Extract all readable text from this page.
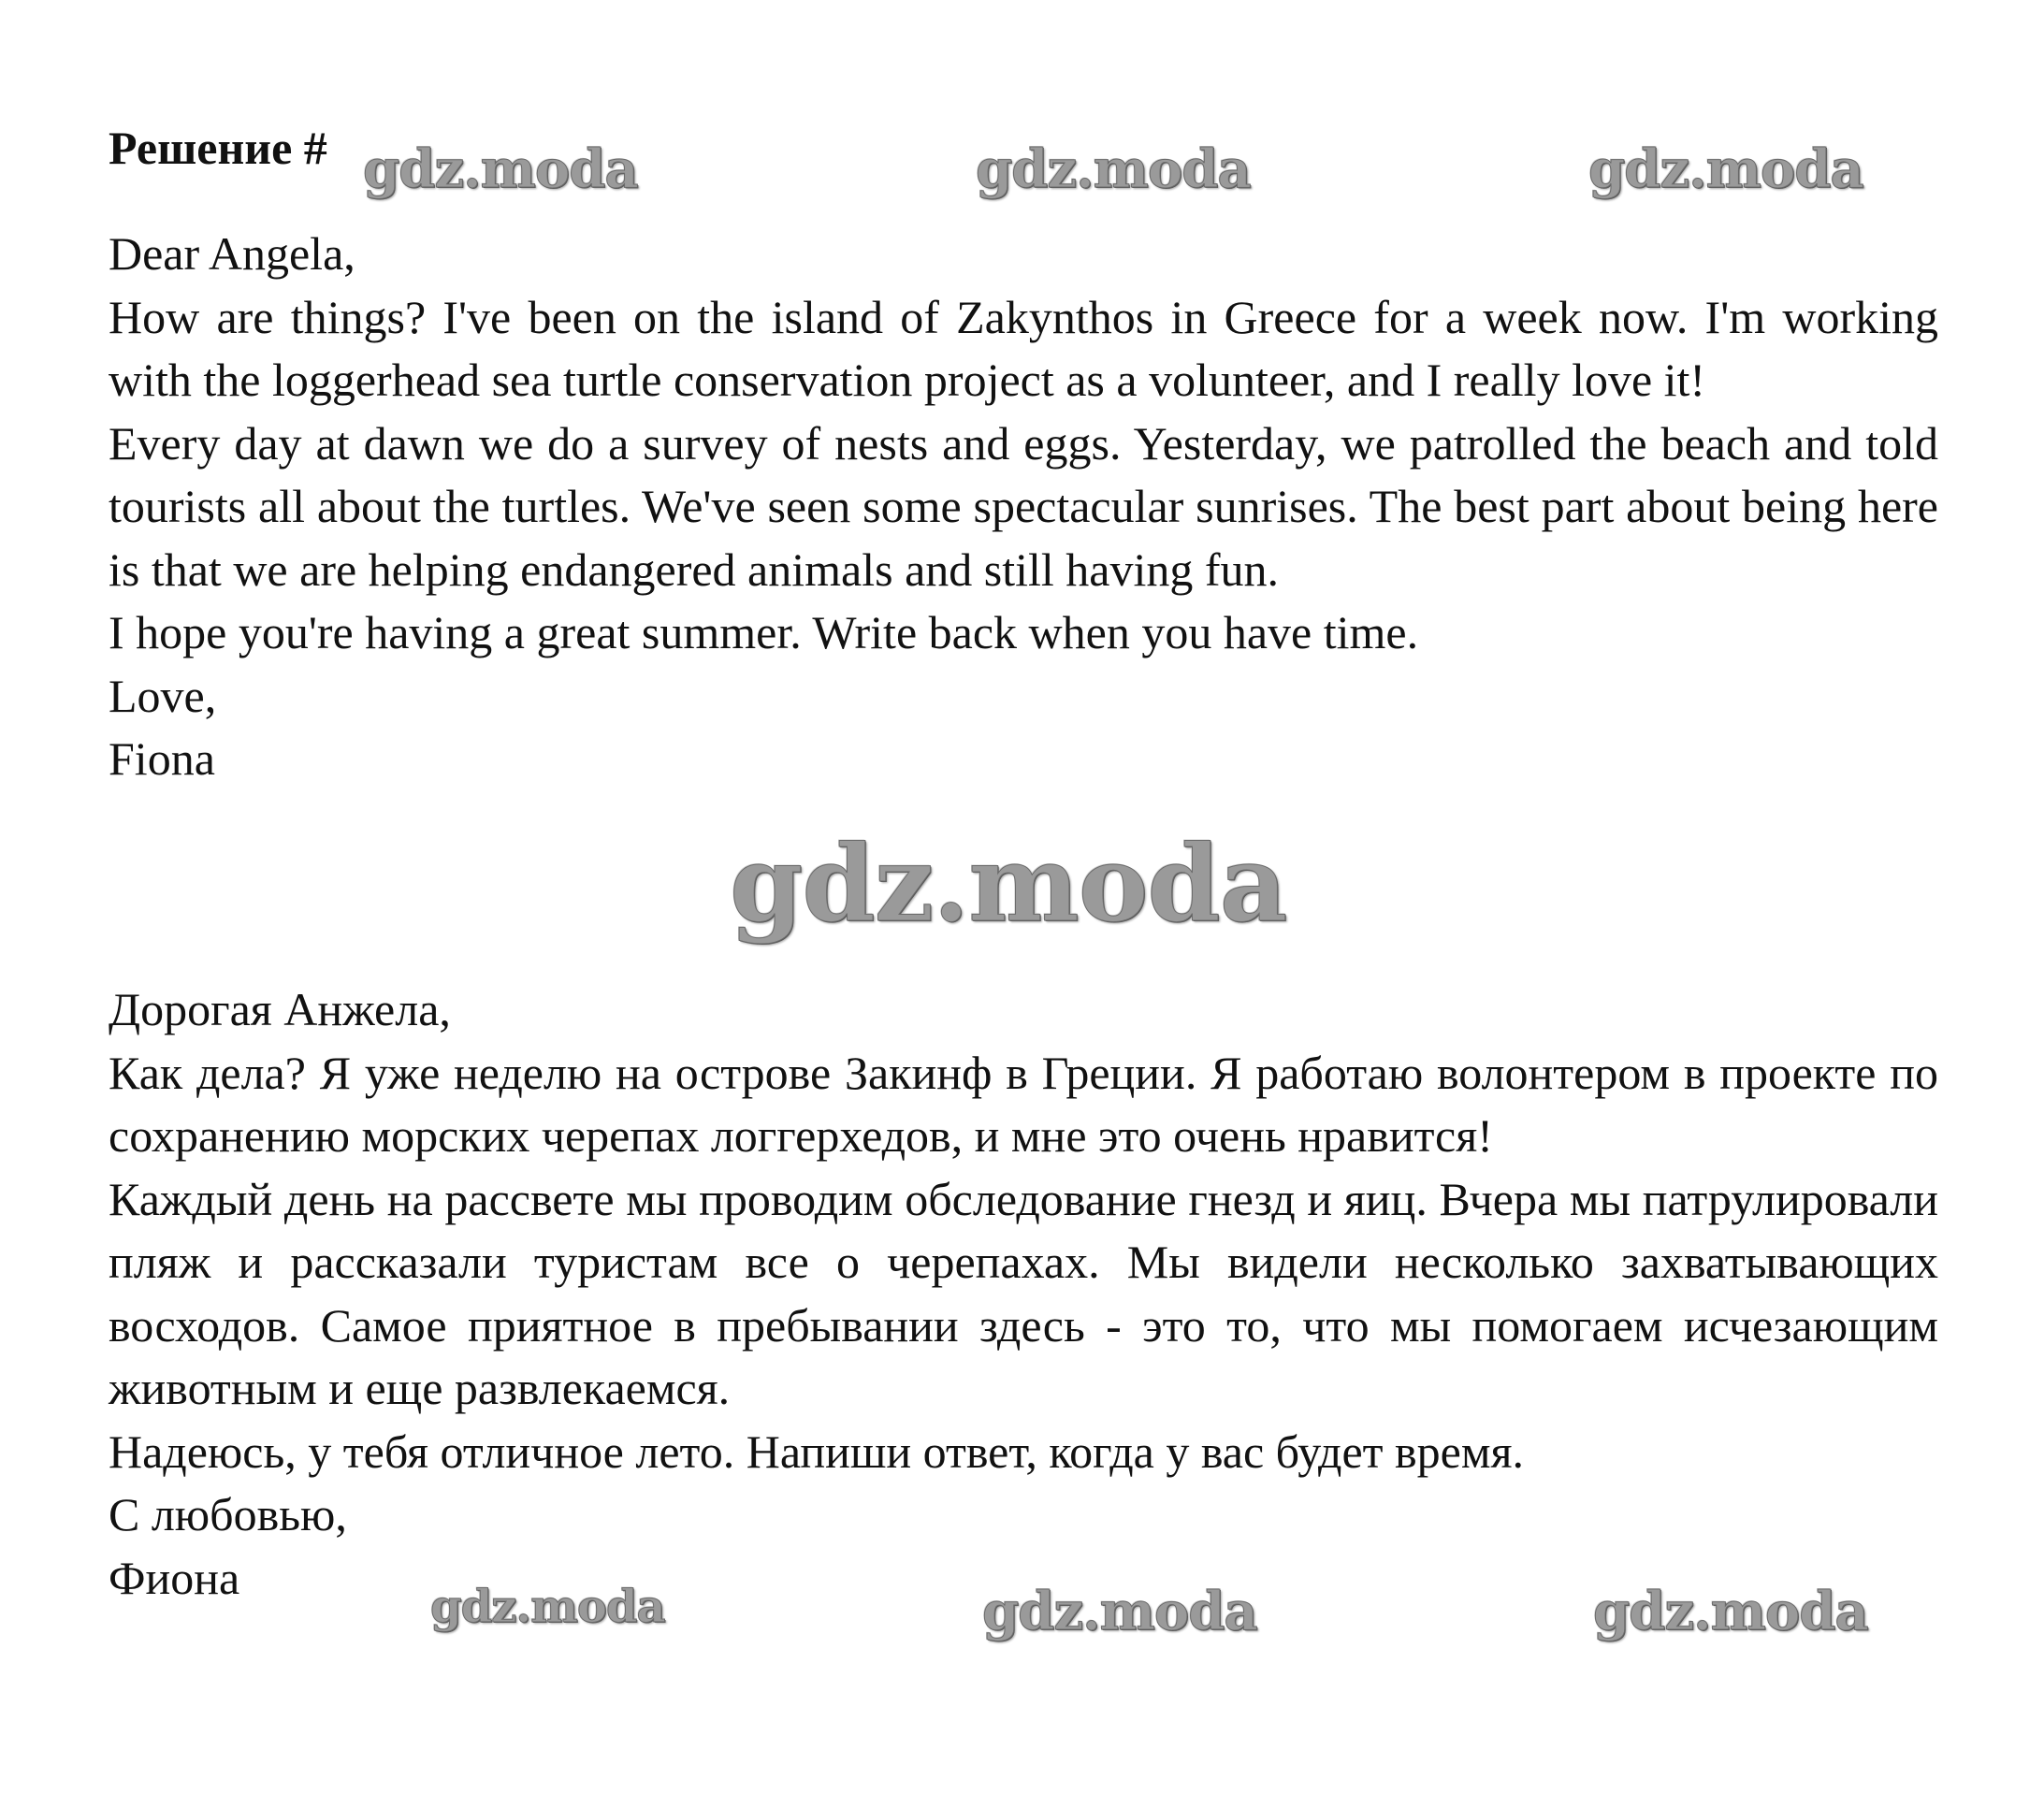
Решение # gdz.moda	gdz.moda	gdz.moda
gdz.moda
gdz.moda	gdz.moda	gdz.moda

Dear Angela,

How are things? I've been on the island of Zakynthos in Greece for a week now. I'm working with the loggerhead sea turtle conservation project as a volunteer, and I really love it!

Every day at dawn we do a survey of nests and eggs. Yesterday, we patrolled the beach and told tourists all about the turtles. We've seen some spectacular sunrises. The best part about being here is that we are helping endangered animals and still having fun.

I hope you're having a great summer. Write back when you have time.

Love,

Fiona

Дорогая Анжела,

Как дела? Я уже неделю на острове Закинф в Греции. Я работаю волонтером в проекте по сохранению морских черепах логгерхедов, и мне это очень нравится!

Каждый день на рассвете мы проводим обследование гнезд и яиц. Вчера мы патрулировали пляж и рассказали туристам все о черепахах. Мы видели несколько захватывающих восходов. Самое приятное в пребывании здесь - это то, что мы помогаем исчезающим животным и еще развлекаемся.

Надеюсь, у тебя отличное лето. Напиши ответ, когда у вас будет время.

С любовью,

Фиона
